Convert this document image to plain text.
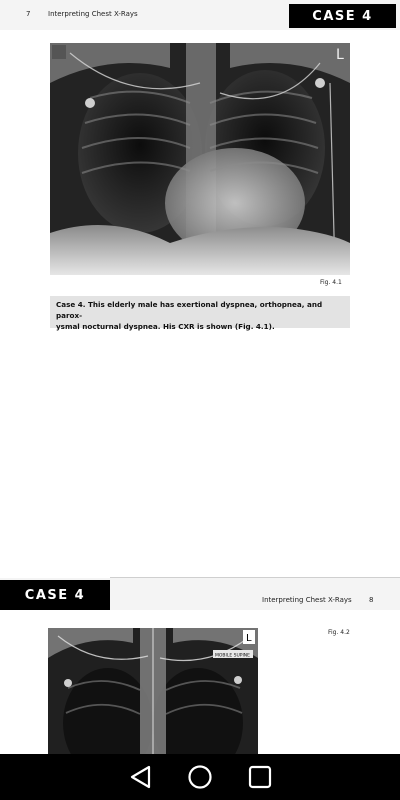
7	Interpreting Chest X-Rays	CASE 4
L
Fig. 4.1
Case 4. This elderly male has exertional dyspnea, orthopnea, and parox-
ysmal nocturnal dyspnea. His CXR is shown (Fig. 4.1).
CASE 4	Interpreting Chest X-Rays 8
L
MOBILE SUPINE
Fig. 4.2
